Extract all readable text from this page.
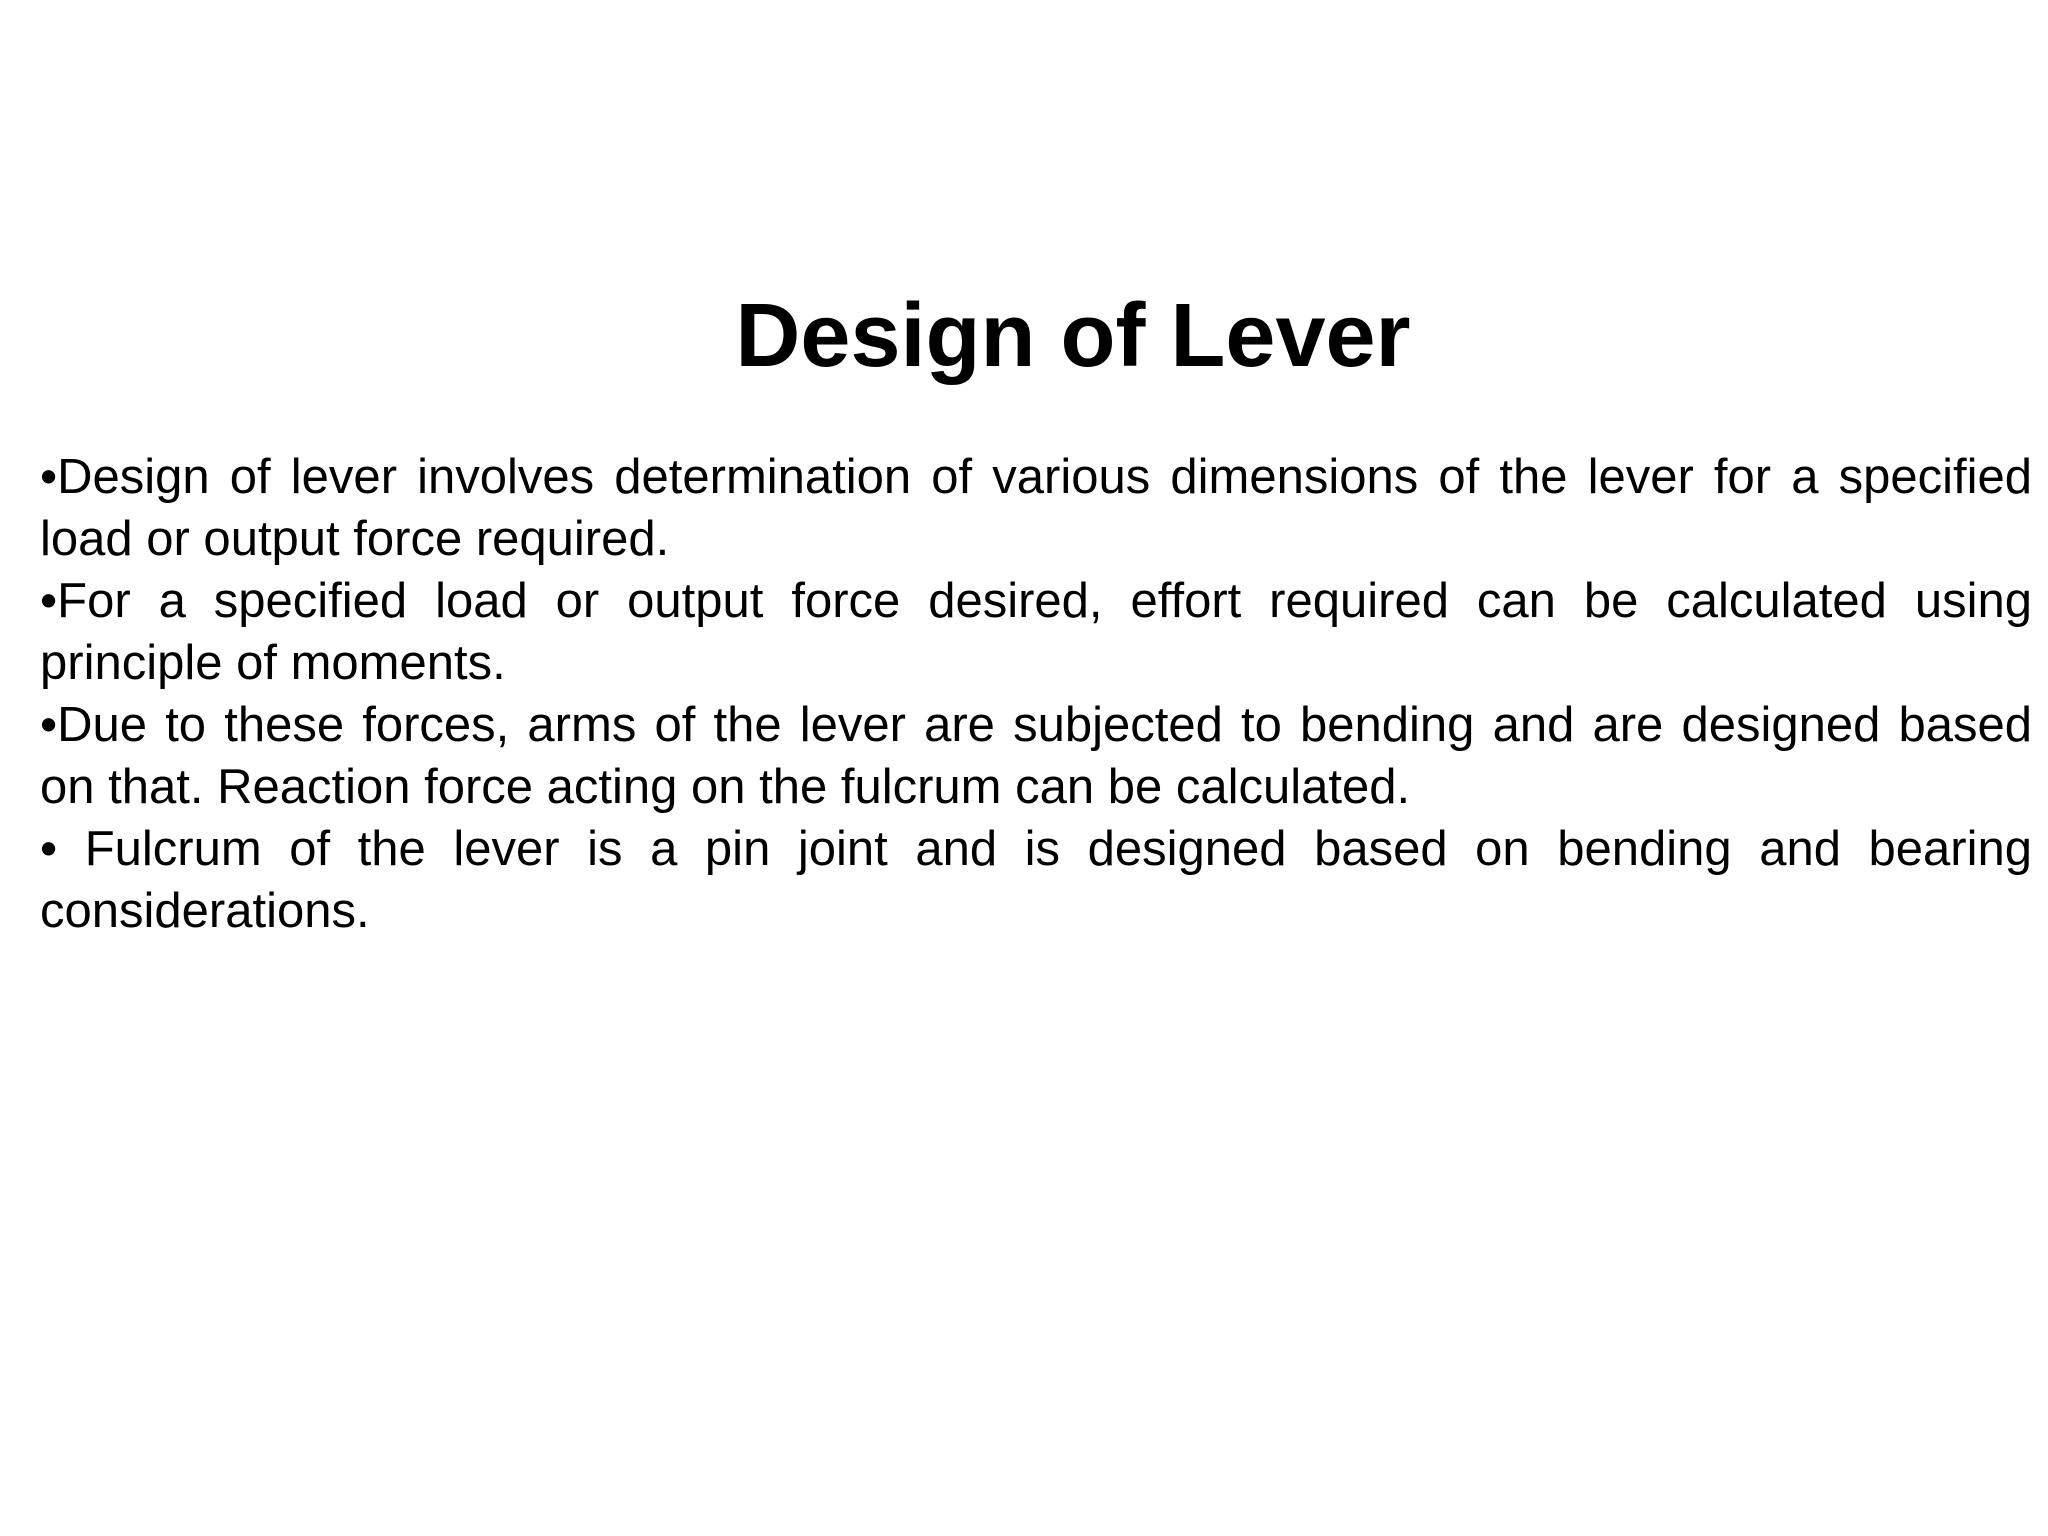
Design of Lever
•Design of lever involves determination of various dimensions of the lever for a specified load or output force required.
•For a specified load or output force desired, effort required can be calculated using principle of moments.
•Due to these forces, arms of the lever are subjected to bending and are designed based on that. Reaction force acting on the fulcrum can be calculated.
• Fulcrum of the lever is a pin joint and is designed based on bending and bearing considerations.
